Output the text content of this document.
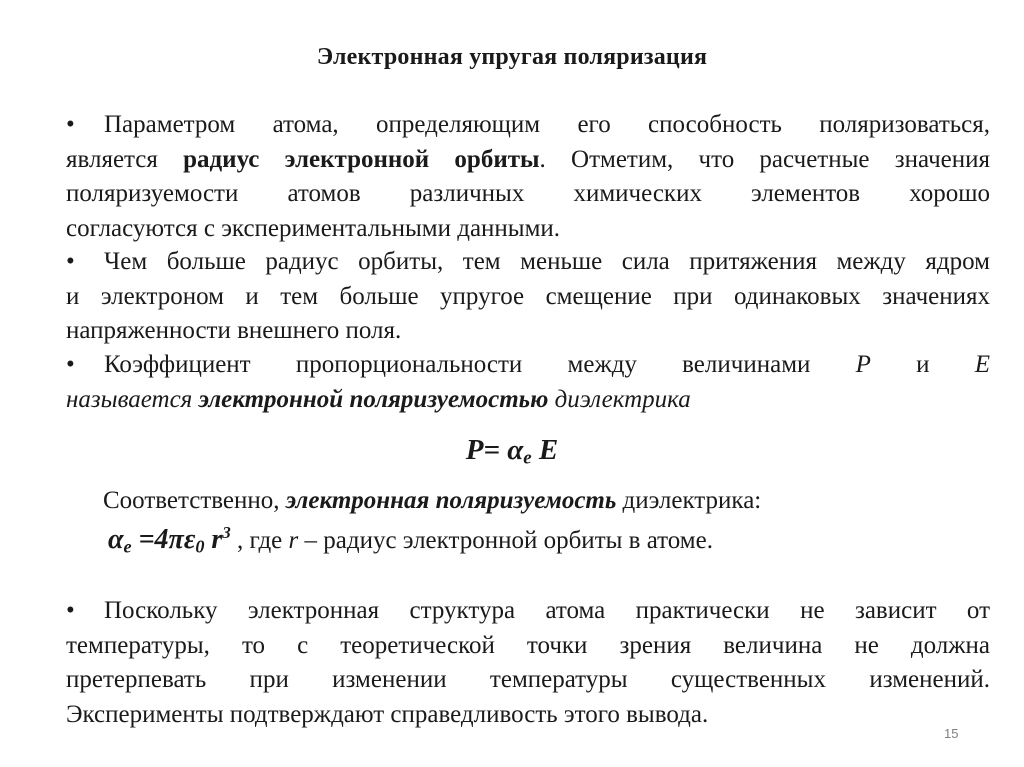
Электронная упругая поляризация
• Параметром атома, определяющим его способность поляризоваться,
является радиус электронной орбиты. Отметим, что расчетные значения
поляризуемости атомов различных химических элементов хорошо
согласуются с экспериментальными данными.
• Чем больше радиус орбиты, тем меньше сила притяжения между ядром
и электроном и тем больше упругое смещение при одинаковых значениях
напряженности внешнего поля.
• Коэффициент пропорциональности между величинами P и E
называется электронной поляризуемостью диэлектрика
$P= \alpha_e$ E
Соответственно, электронная поляризуемость диэлектрика:
$\alpha_e =4\pi\varepsilon_0$ $r^3$ , где r – радиус электронной орбиты в атоме.
• Поскольку электронная структура атома практически не зависит от
температуры, то с теоретической точки зрения величина не должна
претерпевать при изменении температуры существенных изменений.
Эксперименты подтверждают справедливость этого вывода.
15
